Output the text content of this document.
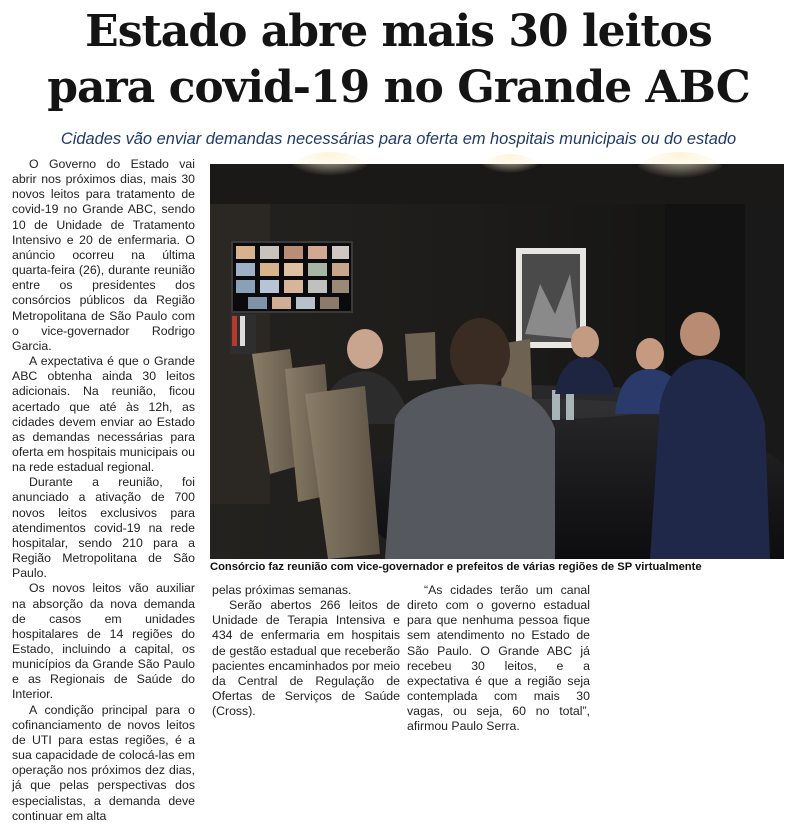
Estado abre mais 30 leitos
para covid-19 no Grande ABC
Cidades vão enviar demandas necessárias para oferta em hospitais municipais ou do estado

O Governo do Estado vai abrir nos próximos dias, mais 30 novos leitos para tratamento de covid-19 no Grande ABC, sendo 10 de Unidade de Tratamento Intensivo e 20 de enfermaria. O anúncio ocorreu na última quarta-feira (26), durante reunião entre os presidentes dos consórcios públicos da Região Metropolitana de São Paulo com o vice-governador Rodrigo Garcia.

A expectativa é que o Grande ABC obtenha ainda 30 leitos adicionais. Na reunião, ficou acertado que até às 12h, as cidades devem enviar ao Estado as demandas necessárias para oferta em hospitais municipais ou na rede estadual regional.

Durante a reunião, foi anunciado a ativação de 700 novos leitos exclusivos para atendimentos covid-19 na rede hospitalar, sendo 210 para a Região Metropolitana de São Paulo.

Os novos leitos vão auxiliar na absorção da nova demanda de casos em unidades hospitalares de 14 regiões do Estado, incluindo a capital, os municípios da Grande São Paulo e as Regionais de Saúde do Interior.

A condição principal para o cofinanciamento de novos leitos de UTI para estas regiões, é a sua capacidade de colocá-las em operação nos próximos dez dias, já que pelas perspectivas dos especialistas, a demanda deve continuar em alta

Consórcio faz reunião com vice-governador e prefeitos de várias regiões de SP virtualmente

pelas próximas semanas.

Serão abertos 266 leitos de Unidade de Terapia Intensiva e 434 de enfermaria em hospitais de gestão estadual que receberão pacientes encaminhados por meio da Central de Regulação de Ofertas de Serviços de Saúde (Cross).

“As cidades terão um canal direto com o governo estadual para que nenhuma pessoa fique sem atendimento no Estado de São Paulo. O Grande ABC já recebeu 30 leitos, e a expectativa é que a região seja contemplada com mais 30 vagas, ou seja, 60 no total”, afirmou Paulo Serra.
